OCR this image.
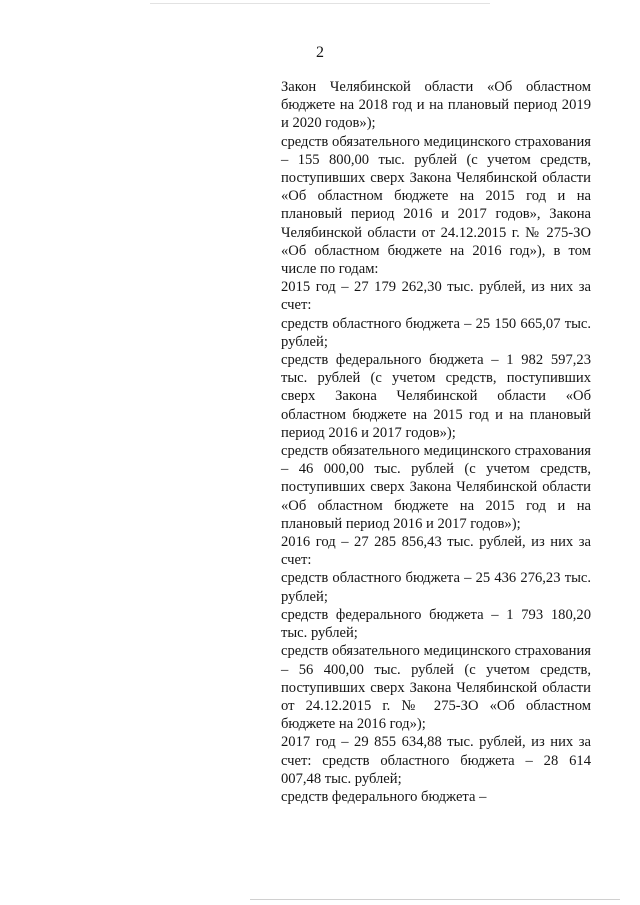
2

Закон Челябинской области «Об областном бюджете на 2018 год и на плановый период 2019 и 2020 годов»);

средств обязательного медицинского страхования – 155 800,00 тыс. рублей (с учетом средств, поступивших сверх Закона Челябинской области «Об областном бюджете на 2015 год и на плановый период 2016 и 2017 годов», Закона Челябинской области от 24.12.2015 г. № 275-ЗО «Об областном бюджете на 2016 год»), в том числе по годам:

2015 год – 27 179 262,30 тыс. рублей, из них за счет:

средств областного бюджета – 25 150 665,07 тыс. рублей;

средств федерального бюджета – 1 982 597,23 тыс. рублей (с учетом средств, поступивших сверх Закона Челябинской области «Об областном бюджете на 2015 год и на плановый период 2016 и 2017 годов»);

средств обязательного медицинского страхования – 46 000,00 тыс. рублей (с учетом средств, поступивших сверх Закона Челябинской области «Об областном бюджете на 2015 год и на плановый период 2016 и 2017 годов»);

2016 год – 27 285 856,43 тыс. рублей, из них за счет:

средств областного бюджета – 25 436 276,23 тыс. рублей;

средств федерального бюджета – 1 793 180,20 тыс. рублей;

средств обязательного медицинского страхования – 56 400,00 тыс. рублей (с учетом средств, поступивших сверх Закона Челябинской области от 24.12.2015 г. № 275-ЗО «Об областном бюджете на 2016 год»);

2017 год – 29 855 634,88 тыс. рублей, из них за счет: средств областного бюджета – 28 614 007,48 тыс. рублей;

средств федерального бюджета –
